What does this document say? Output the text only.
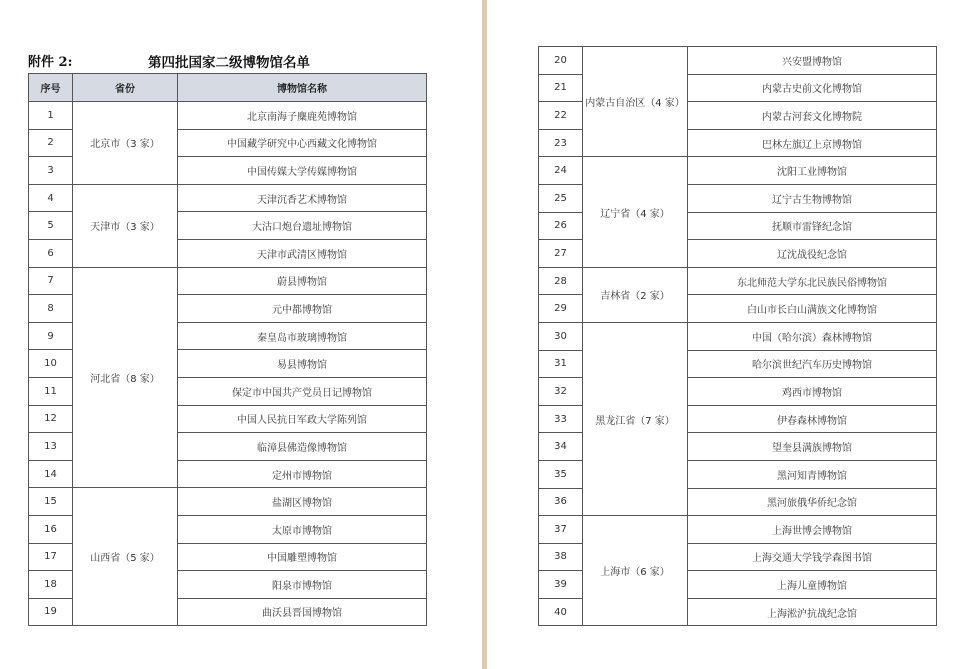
附件 2:	第四批国家二级博物馆名单
序号	省份	博物馆名称
1	北京市（3 家）	北京南海子麋鹿苑博物馆
2		中国藏学研究中心西藏文化博物馆
3		中国传媒大学传媒博物馆
4	天津市（3 家）	天津沉香艺术博物馆
5		大沽口炮台遗址博物馆
6		天津市武清区博物馆
7	河北省（8 家）	蔚县博物馆
8		元中都博物馆
9		秦皇岛市玻璃博物馆
10		易县博物馆
11		保定市中国共产党员日记博物馆
12		中国人民抗日军政大学陈列馆
13		临漳县佛造像博物馆
14		定州市博物馆
15	山西省（5 家）	盐湖区博物馆
16		太原市博物馆
17		中国雕塑博物馆
18		阳泉市博物馆
19		曲沃县晋国博物馆
20	内蒙古自治区（4 家）	兴安盟博物馆
21		内蒙古史前文化博物馆
22		内蒙古河套文化博物院
23		巴林左旗辽上京博物馆
24	辽宁省（4 家）	沈阳工业博物馆
25		辽宁古生物博物馆
26		抚顺市雷锋纪念馆
27		辽沈战役纪念馆
28	吉林省（2 家）	东北师范大学东北民族民俗博物馆
29		白山市长白山满族文化博物馆
30	黑龙江省（7 家）	中国（哈尔滨）森林博物馆
31		哈尔滨世纪汽车历史博物馆
32		鸡西市博物馆
33		伊春森林博物馆
34		望奎县满族博物馆
35		黑河知青博物馆
36		黑河旅俄华侨纪念馆
37	上海市（6 家）	上海世博会博物馆
38		上海交通大学钱学森图书馆
39		上海儿童博物馆
40		上海淞沪抗战纪念馆
